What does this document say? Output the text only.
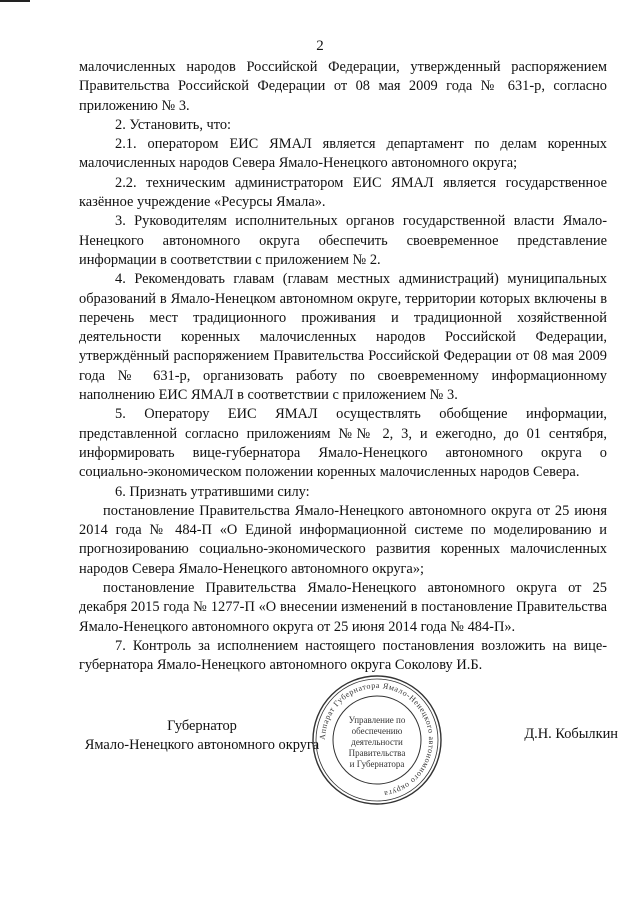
2

малочисленных народов Российской Федерации, утвержденный распоряжением Правительства Российской Федерации от 08 мая 2009 года № 631-р, согласно приложению № 3.

2. Установить, что:

2.1. оператором ЕИС ЯМАЛ является департамент по делам коренных малочисленных народов Севера Ямало-Ненецкого автономного округа;

2.2. техническим администратором ЕИС ЯМАЛ является государственное казённое учреждение «Ресурсы Ямала».

3. Руководителям исполнительных органов государственной власти Ямало-Ненецкого автономного округа обеспечить своевременное представление информации в соответствии с приложением № 2.

4. Рекомендовать главам (главам местных администраций) муниципальных образований в Ямало-Ненецком автономном округе, территории которых включены в перечень мест традиционного проживания и традиционной хозяйственной деятельности коренных малочисленных народов Российской Федерации, утверждённый распоряжением Правительства Российской Федерации от 08 мая 2009 года № 631-р, организовать работу по своевременному информационному наполнению ЕИС ЯМАЛ в соответствии с приложением № 3.

5. Оператору ЕИС ЯМАЛ осуществлять обобщение информации, представленной согласно приложениям №№ 2, 3, и ежегодно, до 01 сентября, информировать вице-губернатора Ямало-Ненецкого автономного округа о социально-экономическом положении коренных малочисленных народов Севера.

6. Признать утратившими силу:

постановление Правительства Ямало-Ненецкого автономного округа от 25 июня 2014 года № 484-П «О Единой информационной системе по моделированию и прогнозированию социально-экономического развития коренных малочисленных народов Севера Ямало-Ненецкого автономного округа»;

постановление Правительства Ямало-Ненецкого автономного округа от 25 декабря 2015 года № 1277-П «О внесении изменений в постановление Правительства Ямало-Ненецкого автономного округа от 25 июня 2014 года № 484-П».

7. Контроль за исполнением настоящего постановления возложить на вице-губернатора Ямало-Ненецкого автономного округа Соколову И.Б.

Губернатор
Ямало-Ненецкого автономного округа
Аппарат Губернатора Ямало-Ненецкого автономного округа
Управление по
обеспечению
деятельности
Правительства
и Губернатора
Д.Н. Кобылкин
